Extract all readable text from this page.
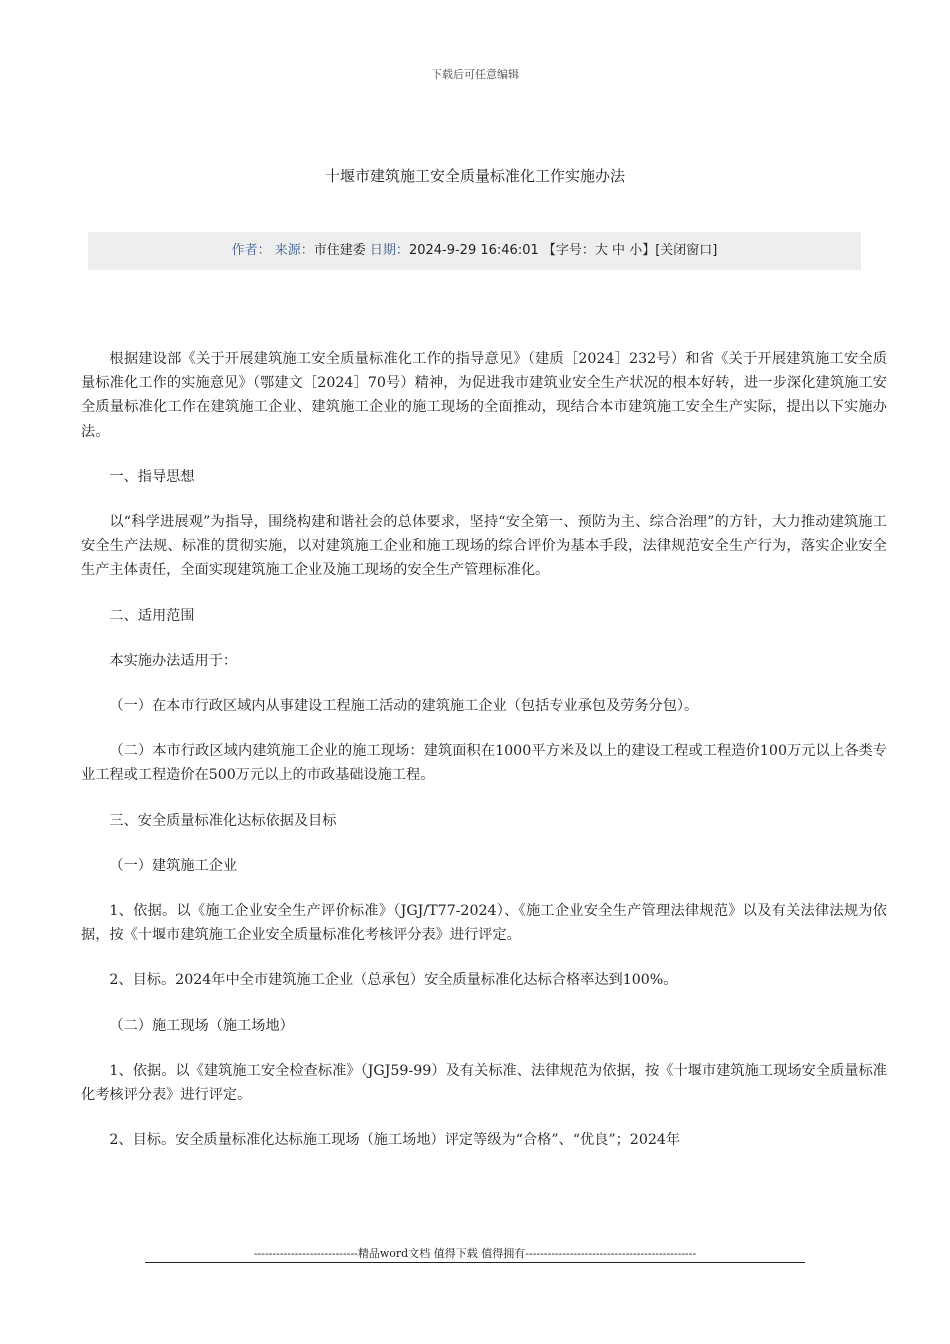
下载后可任意编辑
十堰市建筑施工安全质量标准化工作实施办法
作者： 来源：市住建委 日期：2024-9-29 16:46:01 【字号：大 中 小】[关闭窗口]

根据建设部《关于开展建筑施工安全质量标准化工作的指导意见》（建质［2024］232号）和省《关于开展建筑施工安全质量标准化工作的实施意见》（鄂建文［2024］70号）精神，为促进我市建筑业安全生产状况的根本好转，进一步深化建筑施工安全质量标准化工作在建筑施工企业、建筑施工企业的施工现场的全面推动，现结合本市建筑施工安全生产实际，提出以下实施办法。

一、指导思想

以“科学进展观”为指导，围绕构建和谐社会的总体要求，坚持“安全第一、预防为主、综合治理”的方针，大力推动建筑施工安全生产法规、标准的贯彻实施，以对建筑施工企业和施工现场的综合评价为基本手段，法律规范安全生产行为，落实企业安全生产主体责任，全面实现建筑施工企业及施工现场的安全生产管理标准化。

二、适用范围

本实施办法适用于：

（一）在本市行政区域内从事建设工程施工活动的建筑施工企业（包括专业承包及劳务分包）。

（二）本市行政区域内建筑施工企业的施工现场：建筑面积在1000平方米及以上的建设工程或工程造价100万元以上各类专业工程或工程造价在500万元以上的市政基础设施工程。

三、安全质量标准化达标依据及目标

（一）建筑施工企业

1、依据。以《施工企业安全生产评价标准》（JGJ/T77-2024）、《施工企业安全生产管理法律规范》以及有关法律法规为依据，按《十堰市建筑施工企业安全质量标准化考核评分表》进行评定。

2、目标。2024年中全市建筑施工企业（总承包）安全质量标准化达标合格率达到100%。

（二）施工现场（施工场地）

1、依据。以《建筑施工安全检查标准》（JGJ59-99）及有关标准、法律规范为依据，按《十堰市建筑施工现场安全质量标准化考核评分表》进行评定。

2、目标。安全质量标准化达标施工现场（施工场地）评定等级为“合格”、“优良”；2024年

----------------------------精品word文档 值得下载 值得拥有----------------------------------------------
